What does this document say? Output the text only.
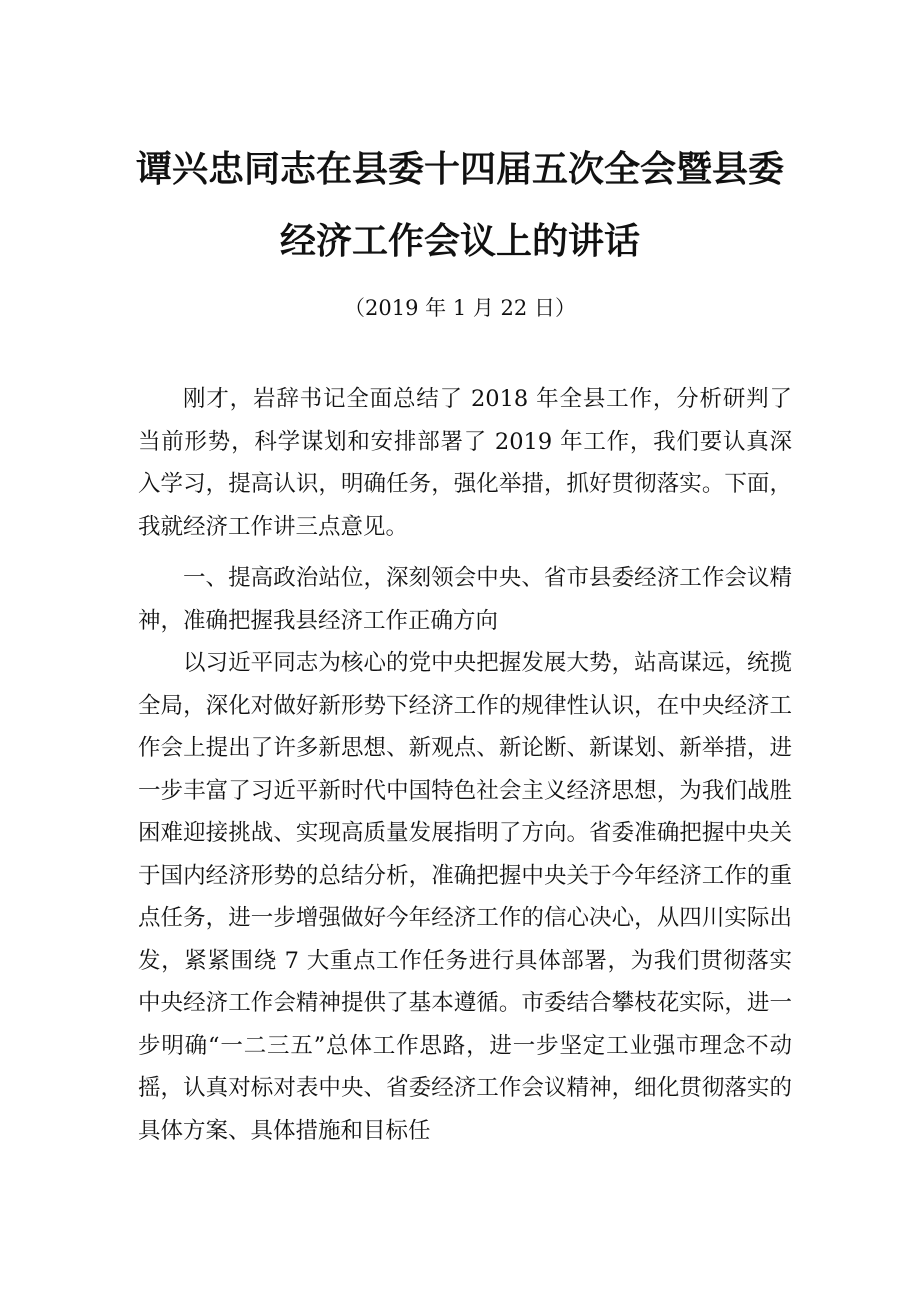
谭兴忠同志在县委十四届五次全会暨县委
经济工作会议上的讲话
（2019 年 1 月 22 日）

刚才，岩辞书记全面总结了 2018 年全县工作，分析研判了当前形势，科学谋划和安排部署了 2019 年工作，我们要认真深入学习，提高认识，明确任务，强化举措，抓好贯彻落实。下面，我就经济工作讲三点意见。

一、提高政治站位，深刻领会中央、省市县委经济工作会议精神，准确把握我县经济工作正确方向

以习近平同志为核心的党中央把握发展大势，站高谋远，统揽全局，深化对做好新形势下经济工作的规律性认识，在中央经济工作会上提出了许多新思想、新观点、新论断、新谋划、新举措，进一步丰富了习近平新时代中国特色社会主义经济思想，为我们战胜困难迎接挑战、实现高质量发展指明了方向。省委准确把握中央关于国内经济形势的总结分析，准确把握中央关于今年经济工作的重点任务，进一步增强做好今年经济工作的信心决心，从四川实际出发，紧紧围绕 7 大重点工作任务进行具体部署，为我们贯彻落实中央经济工作会精神提供了基本遵循。市委结合攀枝花实际，进一步明确“一二三五”总体工作思路，进一步坚定工业强市理念不动摇，认真对标对表中央、省委经济工作会议精神，细化贯彻落实的具体方案、具体措施和目标任
